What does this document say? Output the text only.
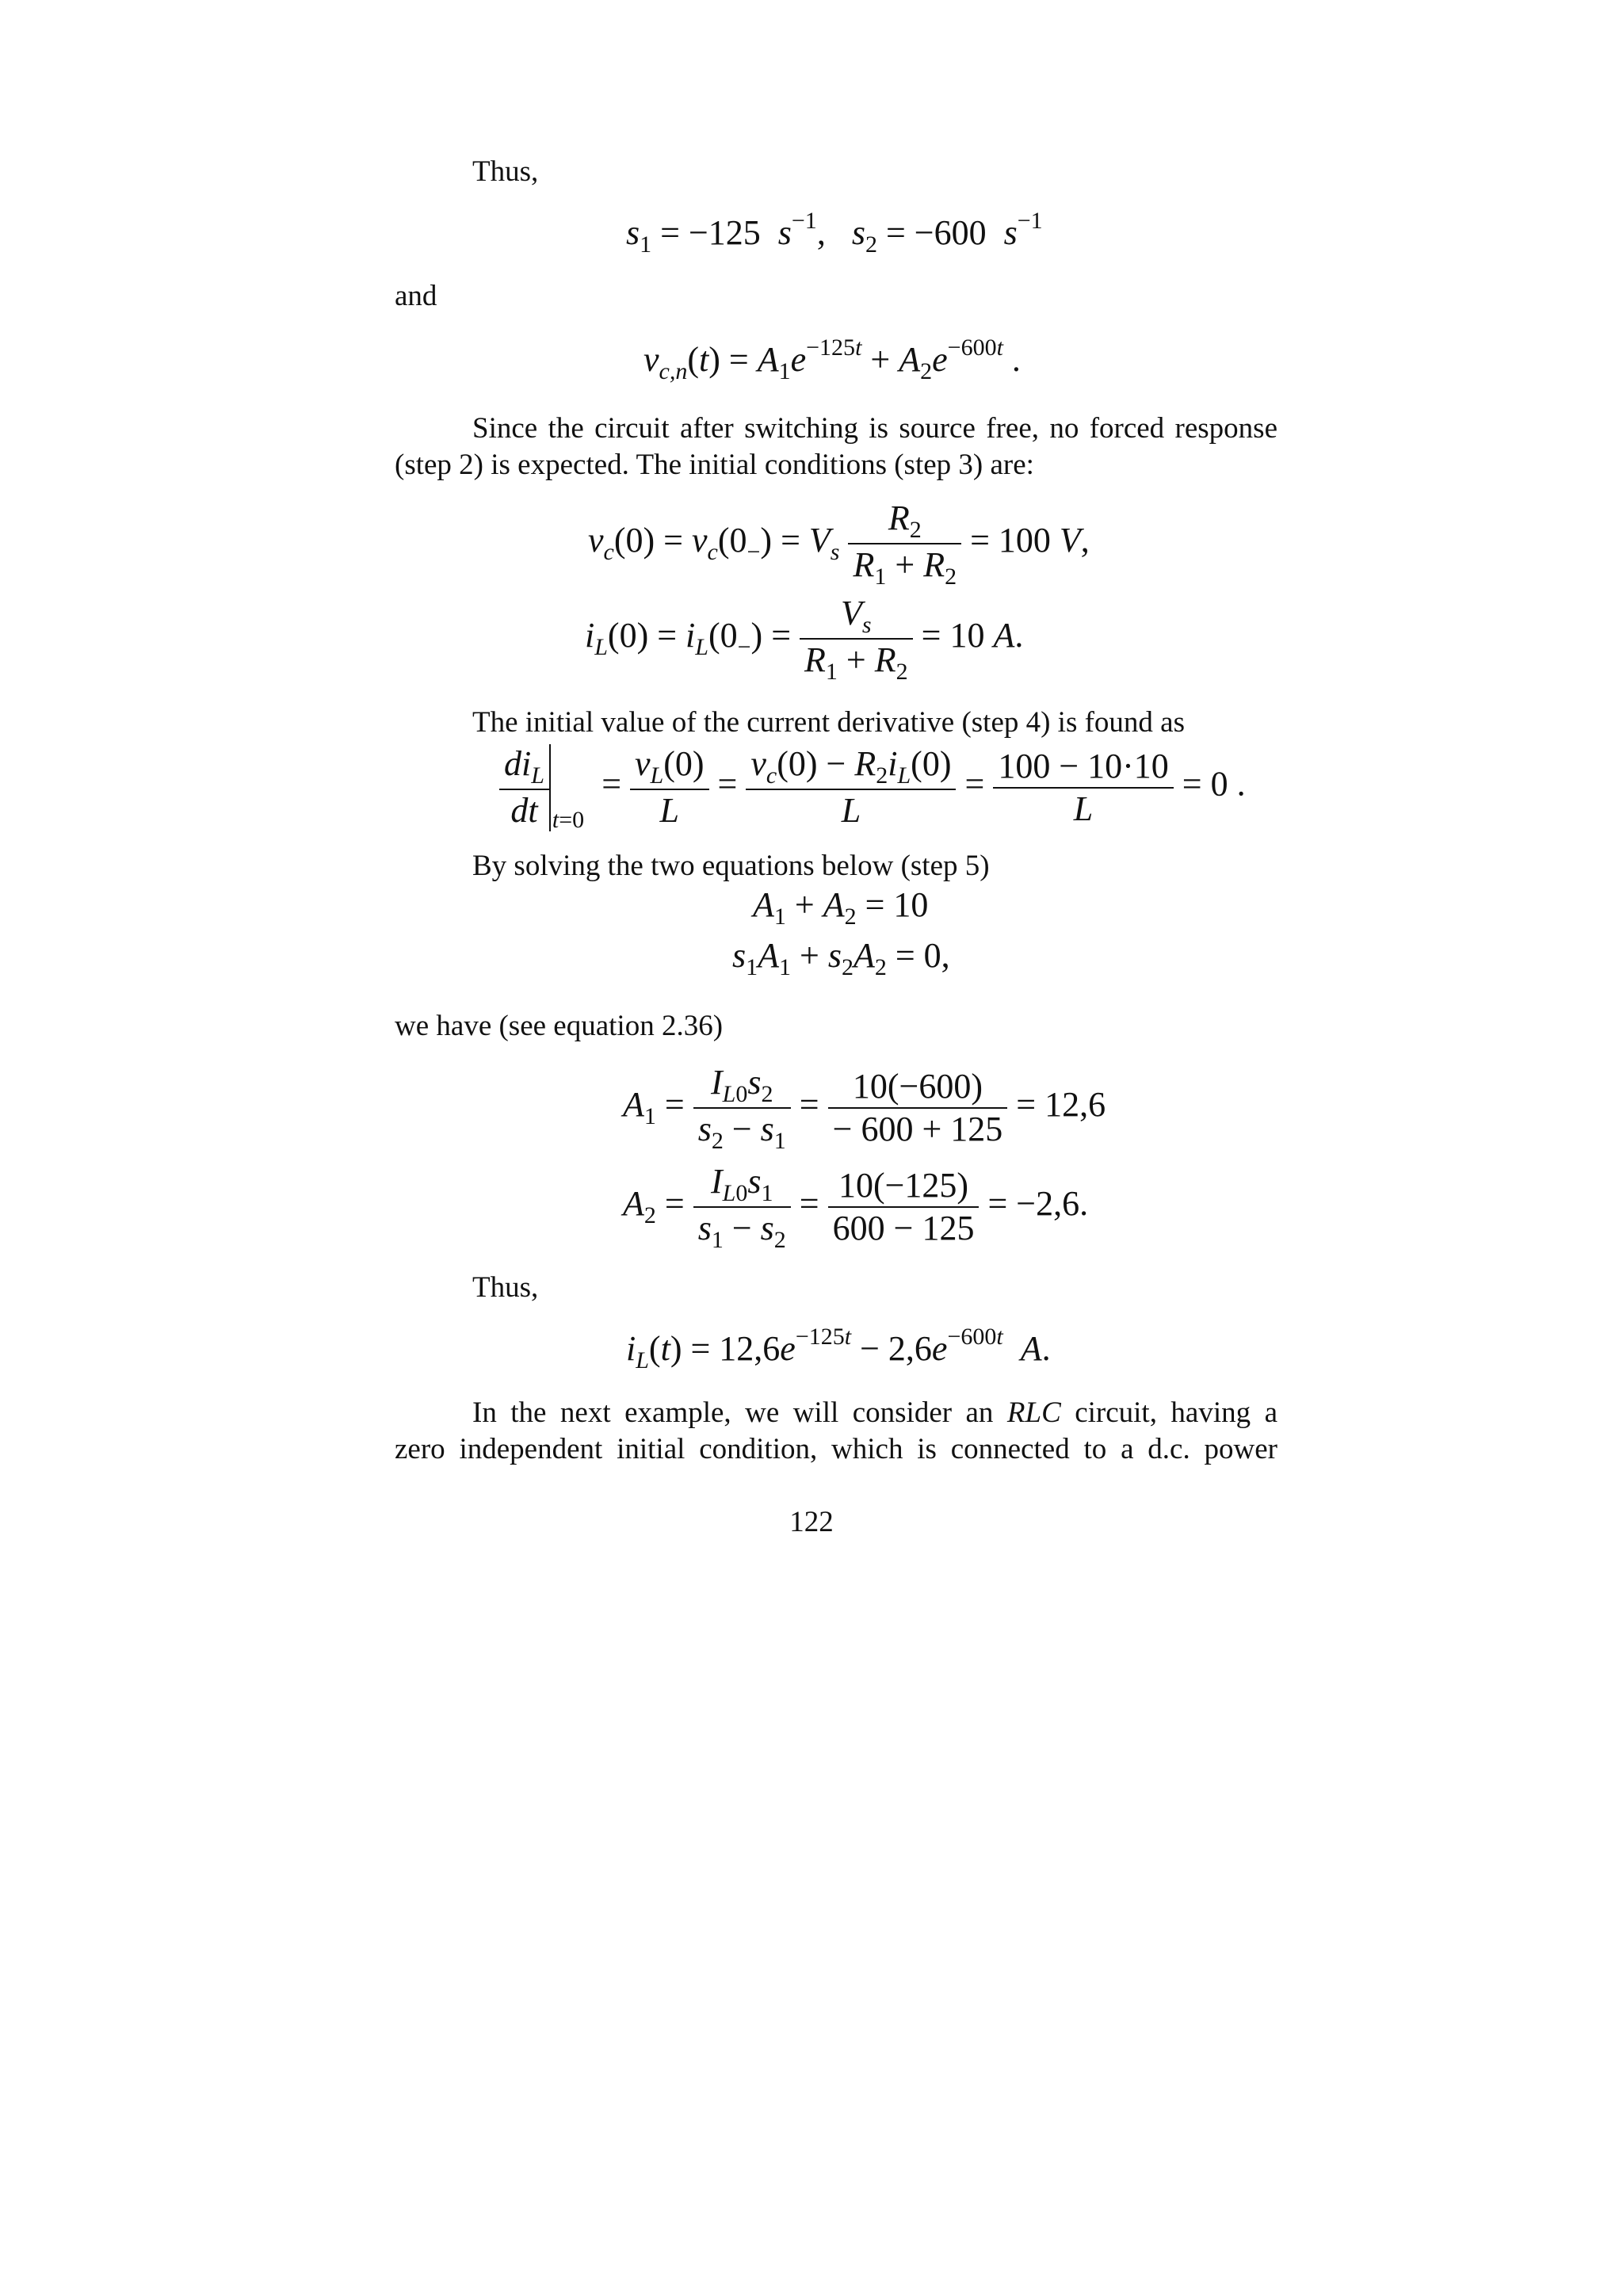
Thus,
$s_1 = -125$  $s^{-1}$,   $s_2 = -600$  $s^{-1}$
and
$v_{c,n}(t) = A_1e^{-125t} + A_2e^{-600t}$ .
Since the circuit after switching is source free, no forced response
(step 2) is expected. The initial conditions (step 3) are:
$v_c(0) = v_c(0_-) = V_s \frac{R_2}{R_1 + R_2} = 100$ V,
$i_L(0) = i_L(0_-) = \frac{V_s}{R_1 + R_2} = 10$ A.
The initial value of the current derivative (step 4) is found as
$\frac{di_L}{dt} _{t=0} = \frac{v_L(0)}{L} = \frac{v_c(0) - R_2i_L(0)}{L} = \frac{100 - 10\cdot 10}{L} = 0$ .
By solving the two equations below (step 5)
$A_1 + A_2 = 10$
$s_1A_1 + s_2A_2 = 0$,
we have (see equation 2.36)
$A_1 = \frac{I_{L0}s_2}{s_2 - s_1} = \frac{10(-600)}{- 600 + 125} = 12,6$
$A_2 = \frac{I_{L0}s_1}{s_1 - s_2} = \frac{10(-125)}{600 - 125} = -2,6$.
Thus,
$i_L(t) = 12,6e^{-125t} - 2,6e^{-600t}$ A.
In the next example, we will consider an RLC circuit, having a
zero independent initial condition, which is connected to a d.c. power
122
